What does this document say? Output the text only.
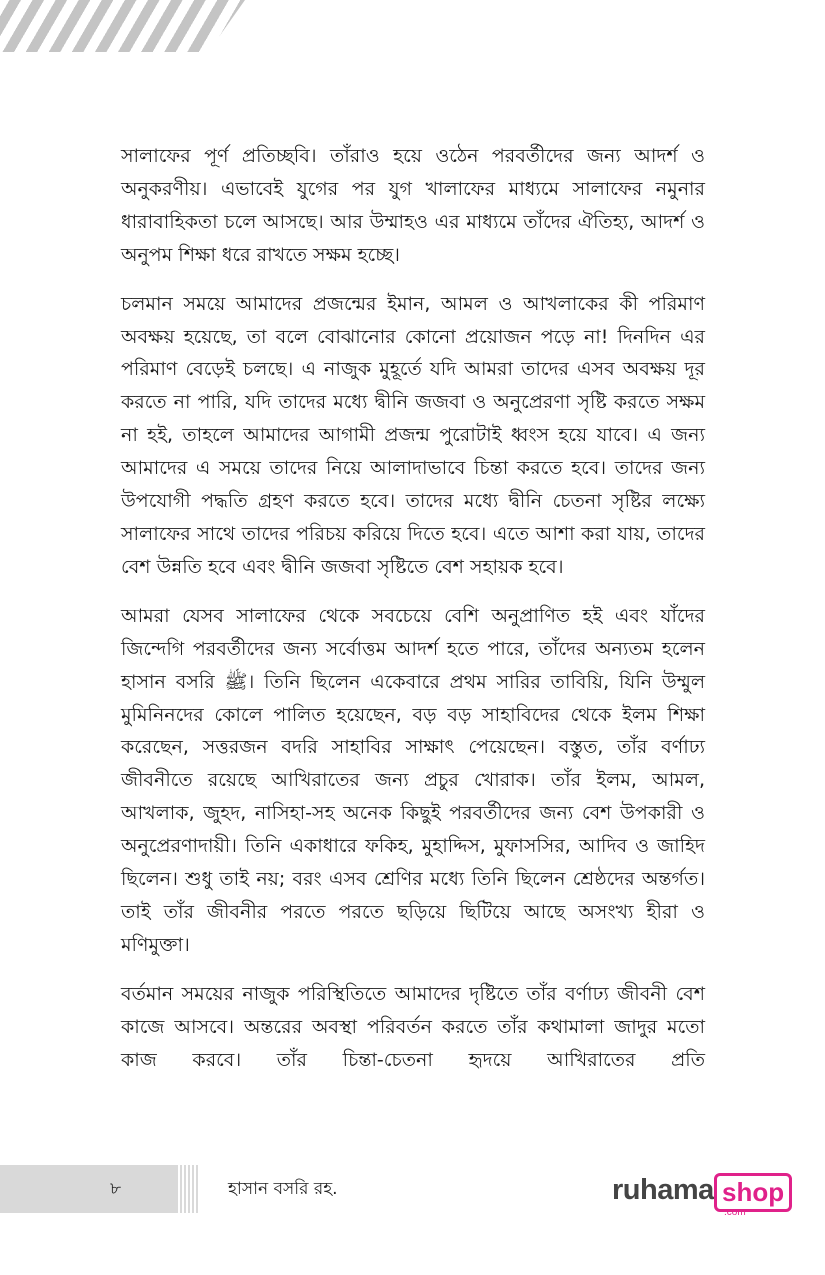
সালাফের পূর্ণ প্রতিচ্ছবি। তাঁরাও হয়ে ওঠেন পরবর্তীদের জন্য আদর্শ ও অনুকরণীয়। এভাবেই যুগের পর যুগ খালাফের মাধ্যমে সালাফের নমুনার ধারাবাহিকতা চলে আসছে। আর উম্মাহও এর মাধ্যমে তাঁদের ঐতিহ্য, আদর্শ ও অনুপম শিক্ষা ধরে রাখতে সক্ষম হচ্ছে।

চলমান সময়ে আমাদের প্রজন্মের ইমান, আমল ও আখলাকের কী পরিমাণ অবক্ষয় হয়েছে, তা বলে বোঝানোর কোনো প্রয়োজন পড়ে না! দিনদিন এর পরিমাণ বেড়েই চলছে। এ নাজুক মুহূর্তে যদি আমরা তাদের এসব অবক্ষয় দূর করতে না পারি, যদি তাদের মধ্যে দ্বীনি জজবা ও অনুপ্রেরণা সৃষ্টি করতে সক্ষম না হই, তাহলে আমাদের আগামী প্রজন্ম পুরোটাই ধ্বংস হয়ে যাবে। এ জন্য আমাদের এ সময়ে তাদের নিয়ে আলাদাভাবে চিন্তা করতে হবে। তাদের জন্য উপযোগী পদ্ধতি গ্রহণ করতে হবে। তাদের মধ্যে দ্বীনি চেতনা সৃষ্টির লক্ষ্যে সালাফের সাথে তাদের পরিচয় করিয়ে দিতে হবে। এতে আশা করা যায়, তাদের বেশ উন্নতি হবে এবং দ্বীনি জজবা সৃষ্টিতে বেশ সহায়ক হবে।

আমরা যেসব সালাফের থেকে সবচেয়ে বেশি অনুপ্রাণিত হই এবং যাঁদের জিন্দেগি পরবর্তীদের জন্য সর্বোত্তম আদর্শ হতে পারে, তাঁদের অন্যতম হলেন হাসান বসরি ﷺ। তিনি ছিলেন একেবারে প্রথম সারির তাবিয়ি, যিনি উম্মুল মুমিনিনদের কোলে পালিত হয়েছেন, বড় বড় সাহাবিদের থেকে ইলম শিক্ষা করেছেন, সত্তরজন বদরি সাহাবির সাক্ষাৎ পেয়েছেন। বস্তুত, তাঁর বর্ণাঢ্য জীবনীতে রয়েছে আখিরাতের জন্য প্রচুর খোরাক। তাঁর ইলম, আমল, আখলাক, জুহদ, নাসিহা-সহ অনেক কিছুই পরবর্তীদের জন্য বেশ উপকারী ও অনুপ্রেরণাদায়ী। তিনি একাধারে ফকিহ, মুহাদ্দিস, মুফাসসির, আদিব ও জাহিদ ছিলেন। শুধু তাই নয়; বরং এসব শ্রেণির মধ্যে তিনি ছিলেন শ্রেষ্ঠদের অন্তর্গত। তাই তাঁর জীবনীর পরতে পরতে ছড়িয়ে ছিটিয়ে আছে অসংখ্য হীরা ও মণিমুক্তা।

বর্তমান সময়ের নাজুক পরিস্থিতিতে আমাদের দৃষ্টিতে তাঁর বর্ণাঢ্য জীবনী বেশ কাজে আসবে। অন্তরের অবস্থা পরিবর্তন করতে তাঁর কথামালা জাদুর মতো কাজ করবে। তাঁর চিন্তা-চেতনা হৃদয়ে আখিরাতের প্রতি

৮	হাসান বসরি রহ.	ruhama shop
.com
